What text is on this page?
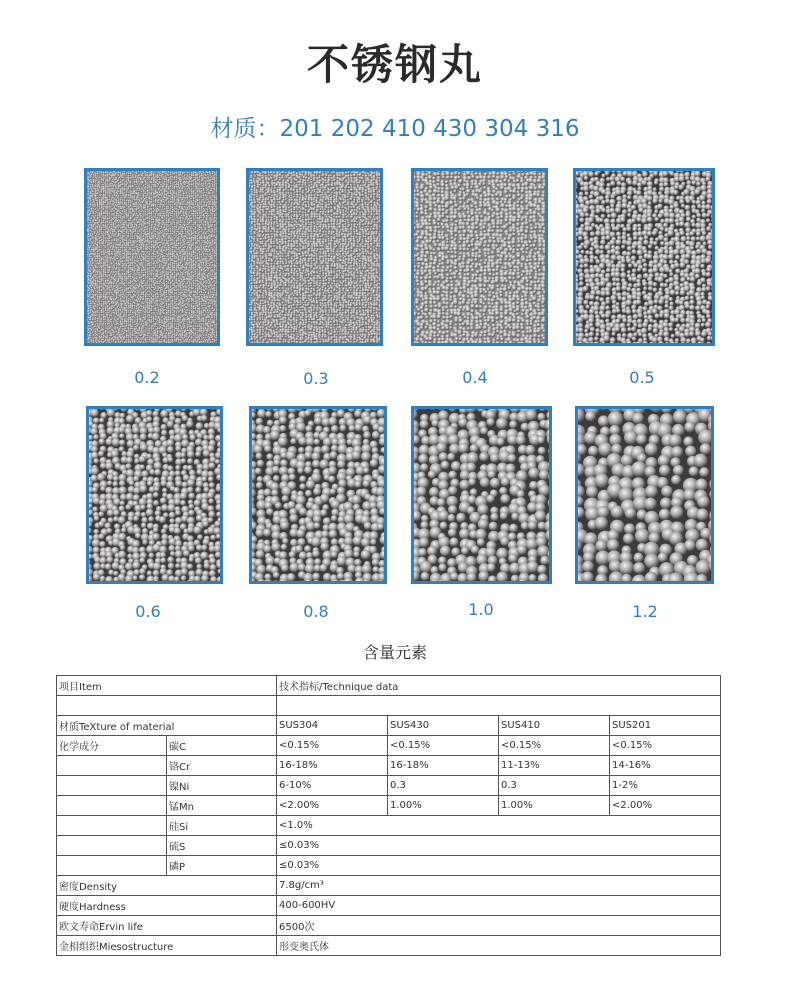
不锈钢丸
材质：201 202 410 430 304 316
0.2	0.3	0.4	0.5
0.6	0.8	1.0	1.2
含量元素
项目Item		技术指标/Technique data			

材质TeXture of material		SUS304	SUS430	SUS410	SUS201
化学成分	碳C	<0.15%	<0.15%	<0.15%	<0.15%
	铬Cr	16-18%	16-18%	11-13%	14-16%
	镍Ni	6-10%	0.3	0.3	1-2%
	锰Mn	<2.00%	1.00%	1.00%	<2.00%
	硅Si	<1.0%			
	硫S	≤0.03%			
	磷P	≤0.03%			
密度Density		7.8g/cm³			
硬度Hardness		400-600HV			
欧文寿命Ervin life		6500次			
金相组织Miesostructure		形变奥氏体			
